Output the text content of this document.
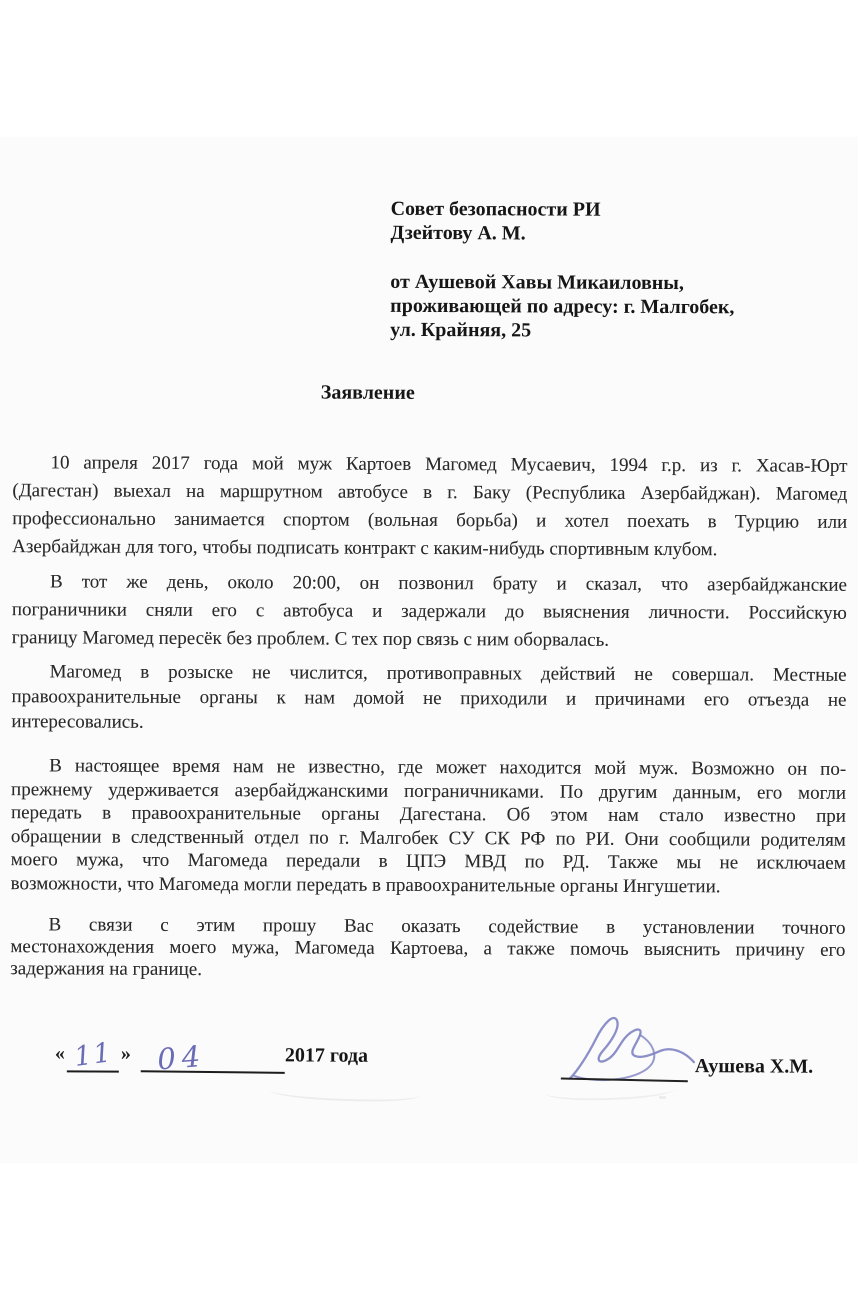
Совет безопасности РИ
Дзейтову А. М.
от Аушевой Хавы Микаиловны,
проживающей по адресу: г. Малгобек,
ул. Крайняя, 25
Заявление
10 апреля 2017 года мой муж Картоев Магомед Мусаевич, 1994 г.р. из г. Хасав-Юрт
(Дагестан) выехал на маршрутном автобусе в г. Баку (Республика Азербайджан). Магомед
профессионально занимается спортом (вольная борьба) и хотел поехать в Турцию или
Азербайджан для того, чтобы подписать контракт с каким-нибудь спортивным клубом.
В тот же день, около 20:00, он позвонил брату и сказал, что азербайджанские
пограничники сняли его с автобуса и задержали до выяснения личности. Российскую
границу Магомед пересёк без проблем. С тех пор связь с ним оборвалась.
Магомед в розыске не числится, противоправных действий не совершал. Местные
правоохранительные органы к нам домой не приходили и причинами его отъезда не
интересовались.
В настоящее время нам не известно, где может находится мой муж. Возможно он по-
прежнему удерживается азербайджанскими пограничниками. По другим данным, его могли
передать в правоохранительные органы Дагестана. Об этом нам стало известно при
обращении в следственный отдел по г. Малгобек СУ СК РФ по РИ. Они сообщили родителям
моего мужа, что Магомеда передали в ЦПЭ МВД по РД. Также мы не исключаем
возможности, что Магомеда могли передать в правоохранительные органы Ингушетии.
В связи с этим прошу Вас оказать содействие в установлении точного
местонахождения моего мужа, Магомеда Картоева, а также помочь выяснить причину его
задержания на границе.
« 11 » 04	2017 года	Аушева Х.М.
